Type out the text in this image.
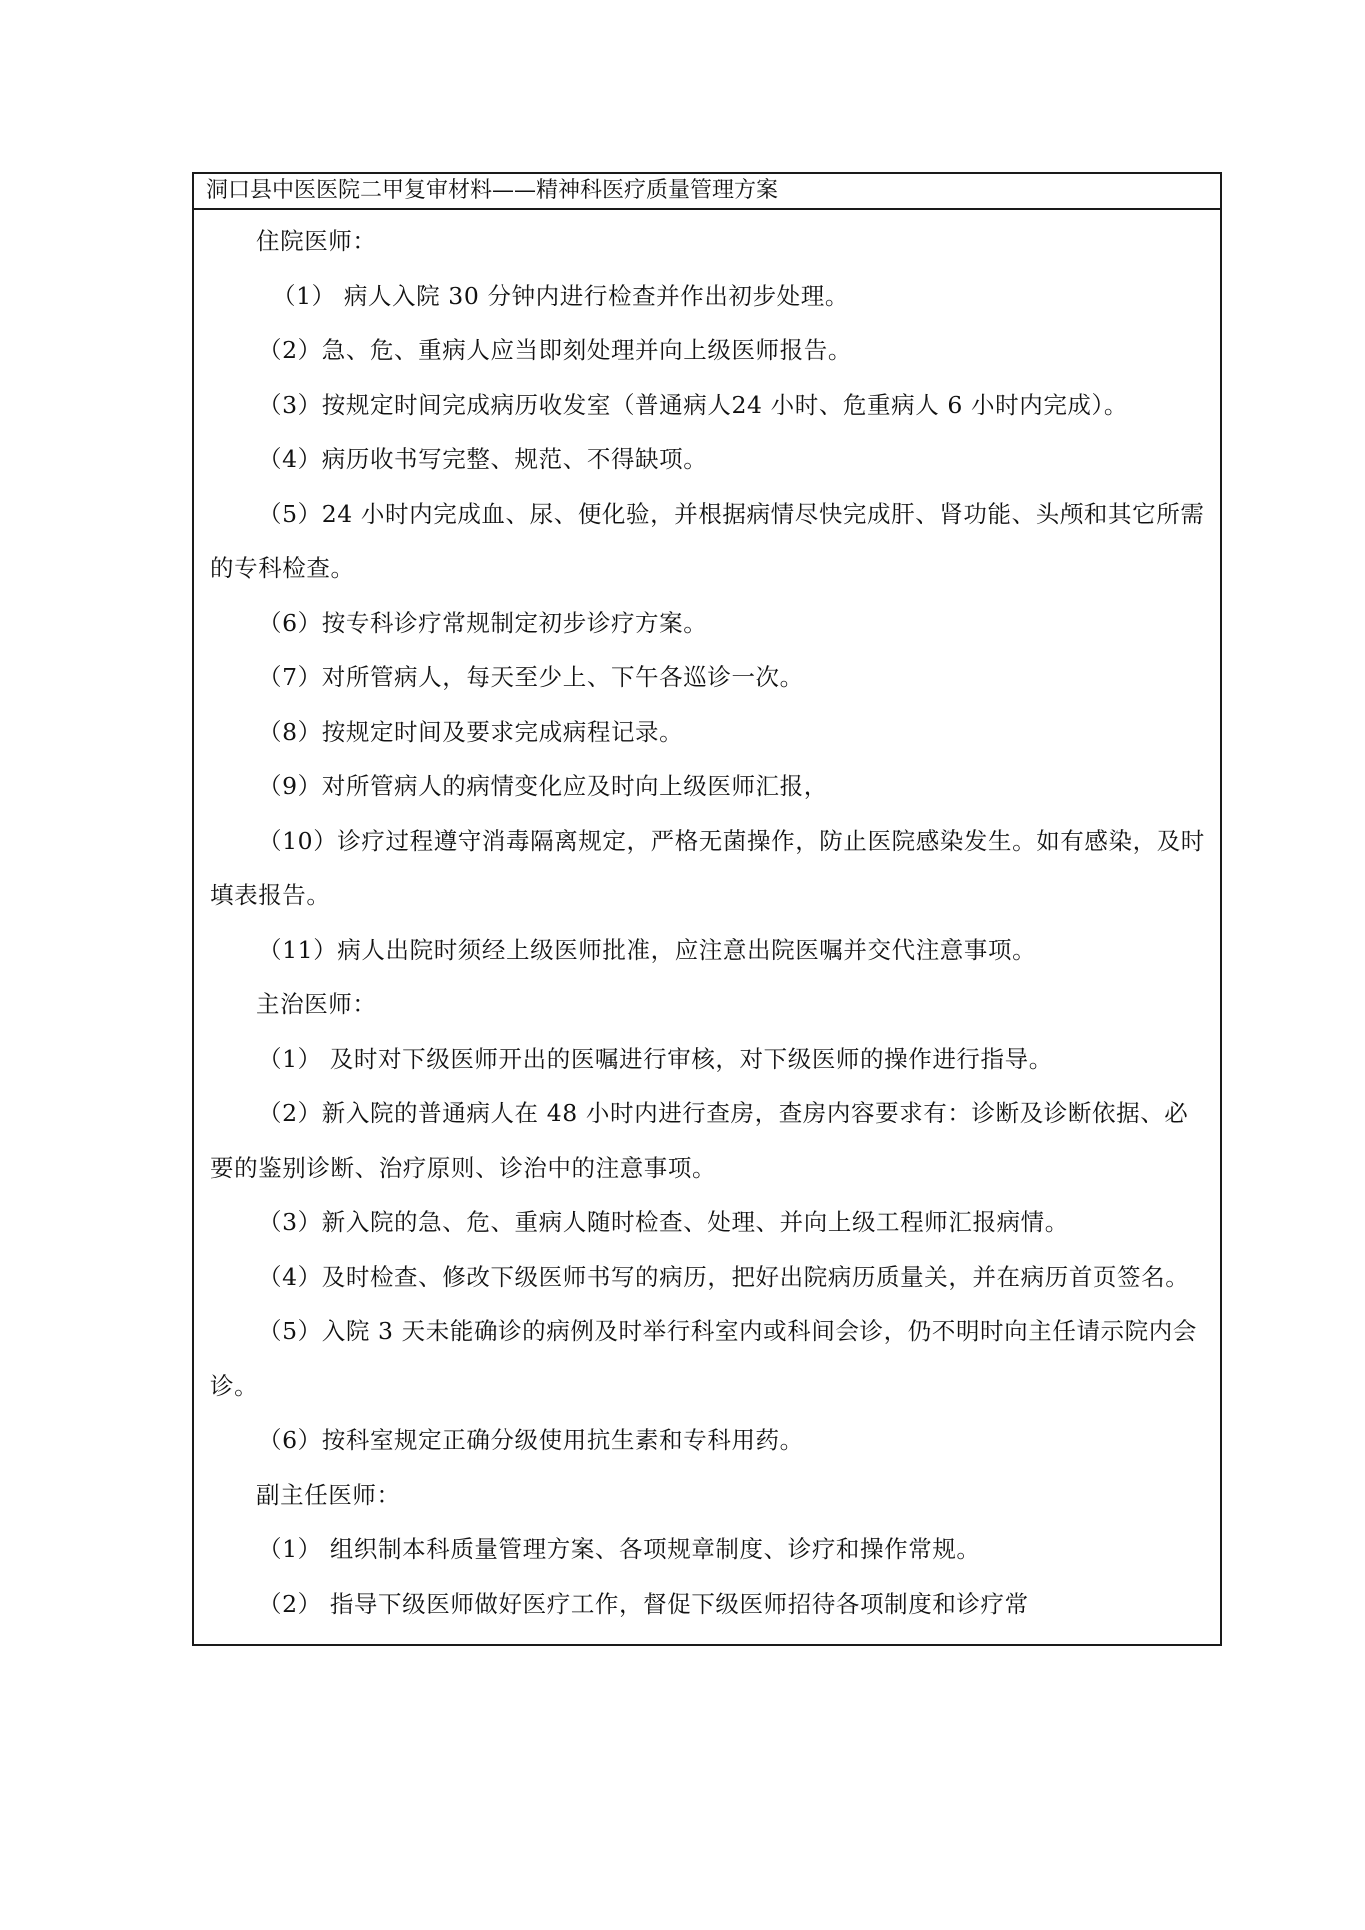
洞口县中医医院二甲复审材料——精神科医疗质量管理方案

住院医师：

（1） 病人入院 30 分钟内进行检查并作出初步处理。

（2）急、危、重病人应当即刻处理并向上级医师报告。

（3）按规定时间完成病历收发室（普通病人24 小时、危重病人 6 小时内完成）。

（4）病历收书写完整、规范、不得缺项。

（5）24 小时内完成血、尿、便化验，并根据病情尽快完成肝、肾功能、头颅和其它所需的专科检查。

（6）按专科诊疗常规制定初步诊疗方案。

（7）对所管病人，每天至少上、下午各巡诊一次。

（8）按规定时间及要求完成病程记录。

（9）对所管病人的病情变化应及时向上级医师汇报，

（10）诊疗过程遵守消毒隔离规定，严格无菌操作，防止医院感染发生。如有感染，及时填表报告。

（11）病人出院时须经上级医师批准，应注意出院医嘱并交代注意事项。

主治医师：

（1） 及时对下级医师开出的医嘱进行审核，对下级医师的操作进行指导。

（2）新入院的普通病人在 48 小时内进行查房，查房内容要求有：诊断及诊断依据、必要的鉴别诊断、治疗原则、诊治中的注意事项。

（3）新入院的急、危、重病人随时检查、处理、并向上级工程师汇报病情。

（4）及时检查、修改下级医师书写的病历，把好出院病历质量关，并在病历首页签名。

（5）入院 3 天未能确诊的病例及时举行科室内或科间会诊，仍不明时向主任请示院内会诊。

（6）按科室规定正确分级使用抗生素和专科用药。

副主任医师：

（1） 组织制本科质量管理方案、各项规章制度、诊疗和操作常规。

（2） 指导下级医师做好医疗工作，督促下级医师招待各项制度和诊疗常
